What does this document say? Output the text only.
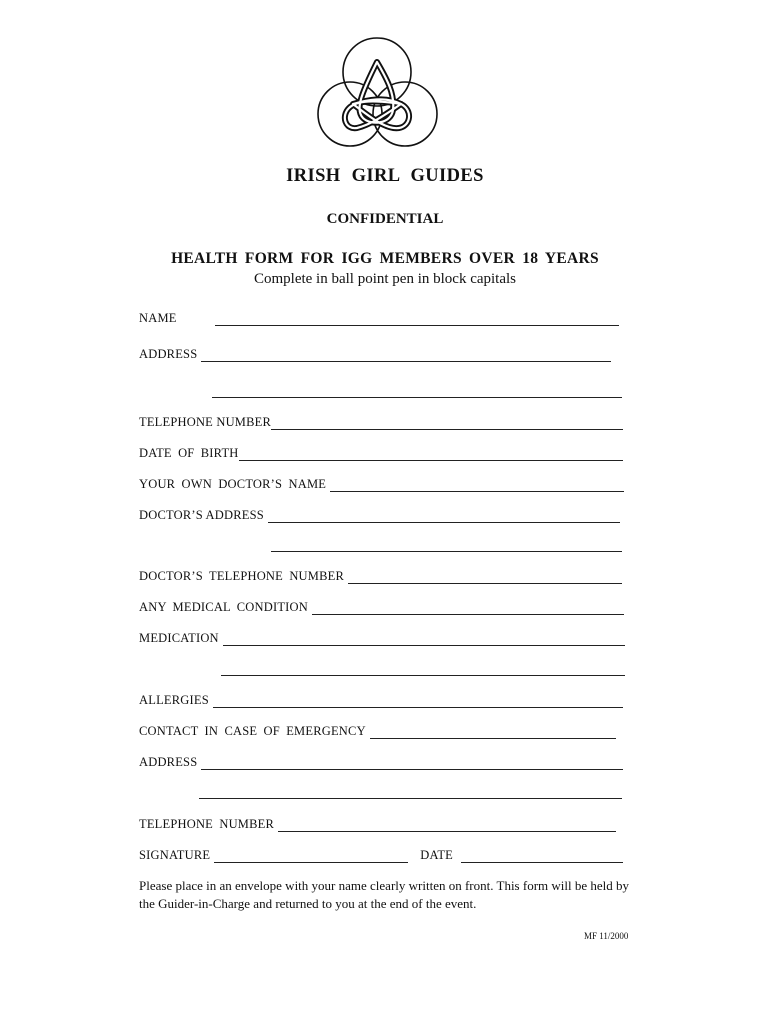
IRISH GIRL GUIDES
CONFIDENTIAL
HEALTH FORM FOR IGG MEMBERS OVER 18 YEARS
Complete in ball point pen in block capitals
NAME
ADDRESS
TELEPHONE NUMBER
DATE OF BIRTH
YOUR OWN DOCTOR’S NAME
DOCTOR’S ADDRESS
DOCTOR’S TELEPHONE NUMBER
ANY MEDICAL CONDITION
MEDICATION
ALLERGIES
CONTACT IN CASE OF EMERGENCY
ADDRESS
TELEPHONE NUMBER
SIGNATURE	DATE
Please place in an envelope with your name clearly written on front. This form will be held by the Guider-in-Charge and returned to you at the end of the event.
MF 11/2000
